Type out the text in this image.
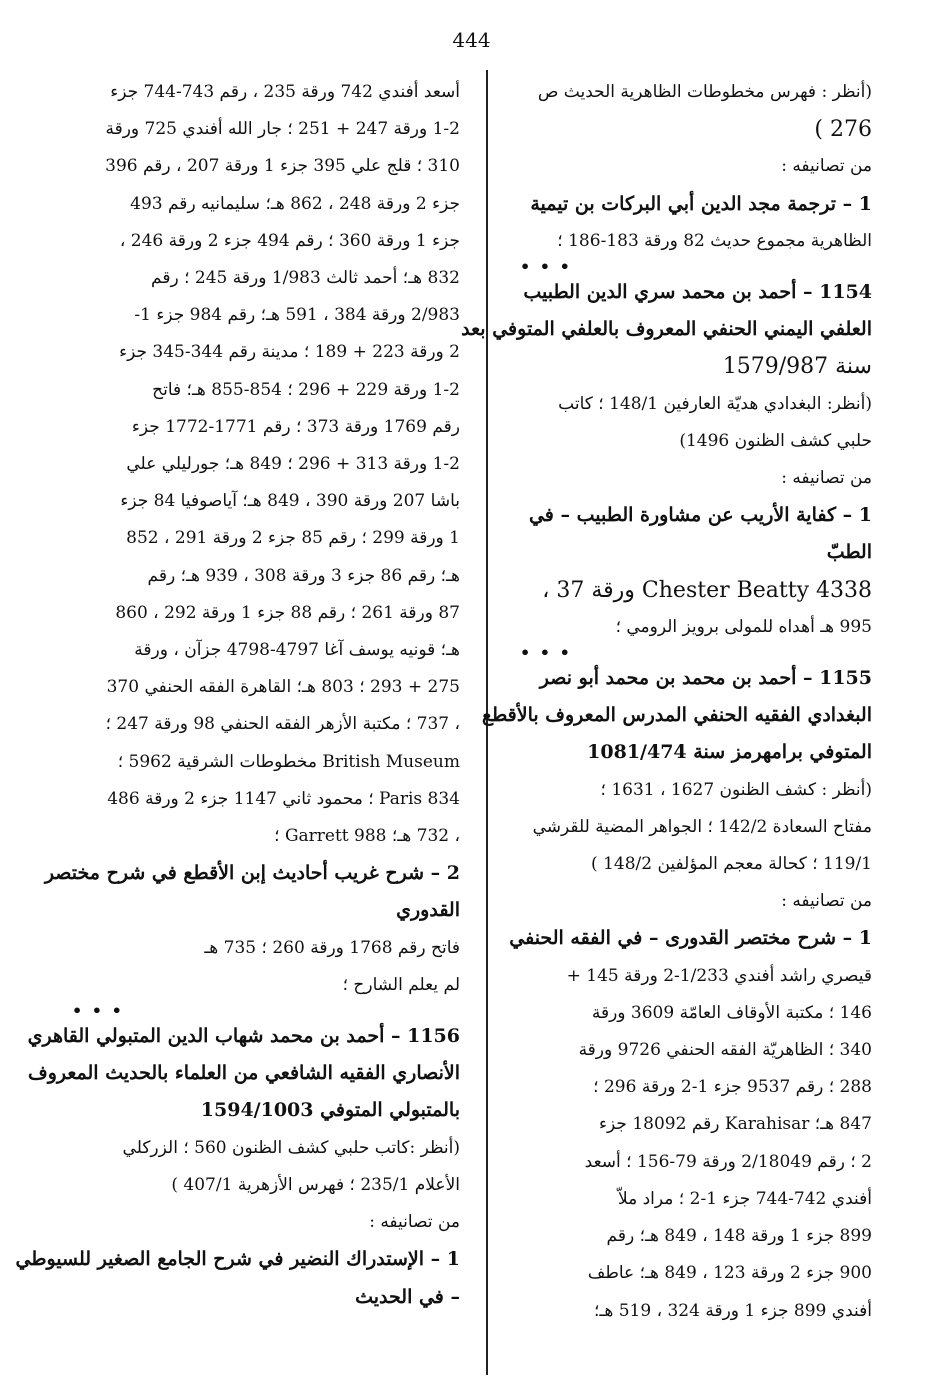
444

(أنظر : فهرس مخطوطات الظاهرية الحديث ص

276 )

من تصانيفه :

1 – ترجمة مجد الدين أبي البركات بن تيمية

الظاهرية مجموع حديث 82 ورقة 183-186 ؛

• • •

1154 – أحمد بن محمد سري الدين الطبيب

العلفي اليمني الحنفي المعروف بالعلفي المتوفي بعد

سنة 1579/987

(أنظر: البغدادي هديّة العارفين 148/1 ؛ كاتب

حلبي كشف الظنون 1496)

من تصانيفه :

1 – كفاية الأريب عن مشاورة الطبيب – في

الطبّ

Chester Beatty 4338 ورقة 37 ،

995 هـ أهداه للمولى برويز الرومي ؛

• • •

1155 – أحمد بن محمد بن محمد أبو نصر

البغدادي الفقيه الحنفي المدرس المعروف بالأقطع

المتوفي برامهرمز سنة 1081/474

(أنظر : كشف الظنون 1627 ، 1631 ؛

مفتاح السعادة 142/2 ؛ الجواهر المضية للقرشي

119/1 ؛ كحالة معجم المؤلفين 148/2 )

من تصانيفه :

1 – شرح مختصر القدورى – في الفقه الحنفي

قيصري راشد أفندي 1/233-2 ورقة 145 +

146 ؛ مكتبة الأوقاف العامّة 3609 ورقة

340 ؛ الظاهريّة الفقه الحنفي 9726 ورقة

288 ؛ رقم 9537 جزء 1-2 ورقة 296 ؛

847 هـ؛ Karahisar رقم 18092 جزء

2 ؛ رقم 2/18049 ورقة 79-156 ؛ أسعد

أفندي 742-744 جزء 1-2 ؛ مراد ملاّ

899 جزء 1 ورقة 148 ، 849 هـ؛ رقم

900 جزء 2 ورقة 123 ، 849 هـ؛ عاطف

أفندي 899 جزء 1 ورقة 324 ، 519 هـ؛

أسعد أفندي 742 ورقة 235 ، رقم 743-744 جزء

1-2 ورقة 247 + 251 ؛ جار الله أفندي 725 ورقة

310 ؛ قلج علي 395 جزء 1 ورقة 207 ، رقم 396

جزء 2 ورقة 248 ، 862 هـ؛ سليمانيه رقم 493

جزء 1 ورقة 360 ؛ رقم 494 جزء 2 ورقة 246 ،

832 هـ؛ أحمد ثالث 1/983 ورقة 245 ؛ رقم

2/983 ورقة 384 ، 591 هـ؛ رقم 984 جزء 1-

2 ورقة 223 + 189 ؛ مدينة رقم 344-345 جزء

1-2 ورقة 229 + 296 ؛ 854-855 هـ؛ فاتح

رقم 1769 ورقة 373 ؛ رقم 1771-1772 جزء

1-2 ورقة 313 + 296 ؛ 849 هـ؛ جورليلي علي

باشا 207 ورقة 390 ، 849 هـ؛ آياصوفيا 84 جزء

1 ورقة 299 ؛ رقم 85 جزء 2 ورقة 291 ، 852

هـ؛ رقم 86 جزء 3 ورقة 308 ، 939 هـ؛ رقم

87 ورقة 261 ؛ رقم 88 جزء 1 ورقة 292 ، 860

هـ؛ قونيه يوسف آغا 4797-4798 جزآن ، ورقة

275 + 293 ؛ 803 هـ؛ القاهرة الفقه الحنفي 370

، 737 ؛ مكتبة الأزهر الفقه الحنفي 98 ورقة 247 ؛

British Museum مخطوطات الشرقية 5962 ؛

Paris 834 ؛ محمود ثاني 1147 جزء 2 ورقة 486

، 732 هـ؛ Garrett 988 ؛

2 – شرح غريب أحاديث إبن الأقطع في شرح مختصر

القدوري

فاتح رقم 1768 ورقة 260 ؛ 735 هـ

لم يعلم الشارح ؛

• • •

1156 – أحمد بن محمد شهاب الدين المتبولي القاهري

الأنصاري الفقيه الشافعي من العلماء بالحديث المعروف

بالمتبولي المتوفي 1594/1003

(أنظر :كاتب حلبي كشف الظنون 560 ؛ الزركلي

الأعلام 235/1 ؛ فهرس الأزهرية 407/1 )

من تصانيفه :

1 – الإستدراك النضير في شرح الجامع الصغير للسيوطي

– في الحديث
